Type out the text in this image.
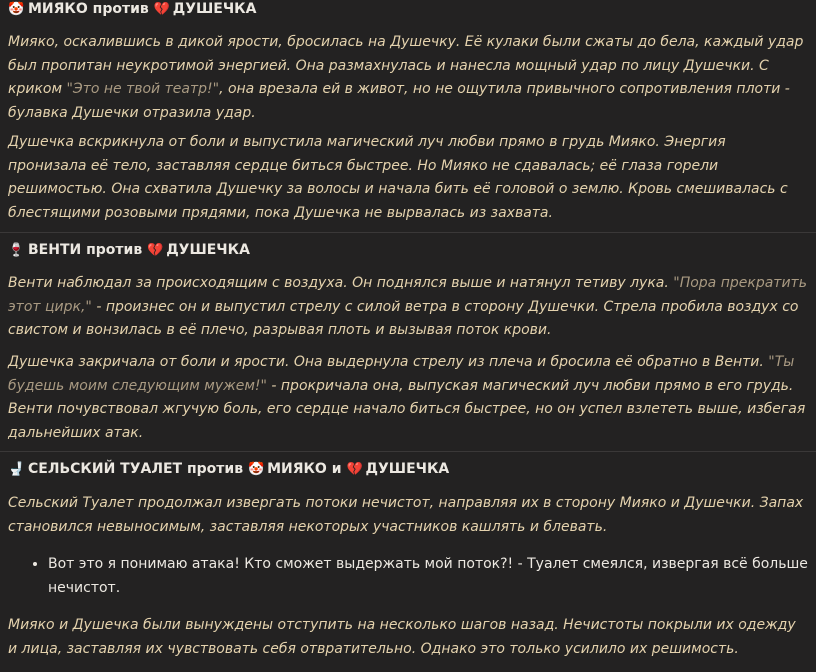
🤡 МИЯКО против 💔 ДУШЕЧКА

Мияко, оскалившись в дикой ярости, бросилась на Душечку. Её кулаки были сжаты до бела, каждый удар был пропитан неукротимой энергией. Она размахнулась и нанесла мощный удар по лицу Душечки. С криком "Это не твой театр!", она врезала ей в живот, но не ощутила привычного сопротивления плоти - булавка Душечки отразила удар.

Душечка вскрикнула от боли и выпустила магический луч любви прямо в грудь Мияко. Энергия пронизала её тело, заставляя сердце биться быстрее. Но Мияко не сдавалась; её глаза горели решимостью. Она схватила Душечку за волосы и начала бить её головой о землю. Кровь смешивалась с блестящими розовыми прядями, пока Душечка не вырвалась из захвата.

🍷 ВЕНТИ против 💔 ДУШЕЧКА

Венти наблюдал за происходящим с воздуха. Он поднялся выше и натянул тетиву лука. "Пора прекратить этот цирк," - произнес он и выпустил стрелу с силой ветра в сторону Душечки. Стрела пробила воздух со свистом и вонзилась в её плечо, разрывая плоть и вызывая поток крови.

Душечка закричала от боли и ярости. Она выдернула стрелу из плеча и бросила её обратно в Венти. "Ты будешь моим следующим мужем!" - прокричала она, выпуская магический луч любви прямо в его грудь. Венти почувствовал жгучую боль, его сердце начало биться быстрее, но он успел взлететь выше, избегая дальнейших атак.

🚽 СЕЛЬСКИЙ ТУАЛЕТ против 🤡 МИЯКО и 💔 ДУШЕЧКА

Сельский Туалет продолжал извергать потоки нечистот, направляя их в сторону Мияко и Душечки. Запах становился невыносимым, заставляя некоторых участников кашлять и блевать.

• Вот это я понимаю атака! Кто сможет выдержать мой поток?! - Туалет смеялся, извергая всё больше нечистот.

Мияко и Душечка были вынуждены отступить на несколько шагов назад. Нечистоты покрыли их одежду и лица, заставляя их чувствовать себя отвратительно. Однако это только усилило их решимость.
